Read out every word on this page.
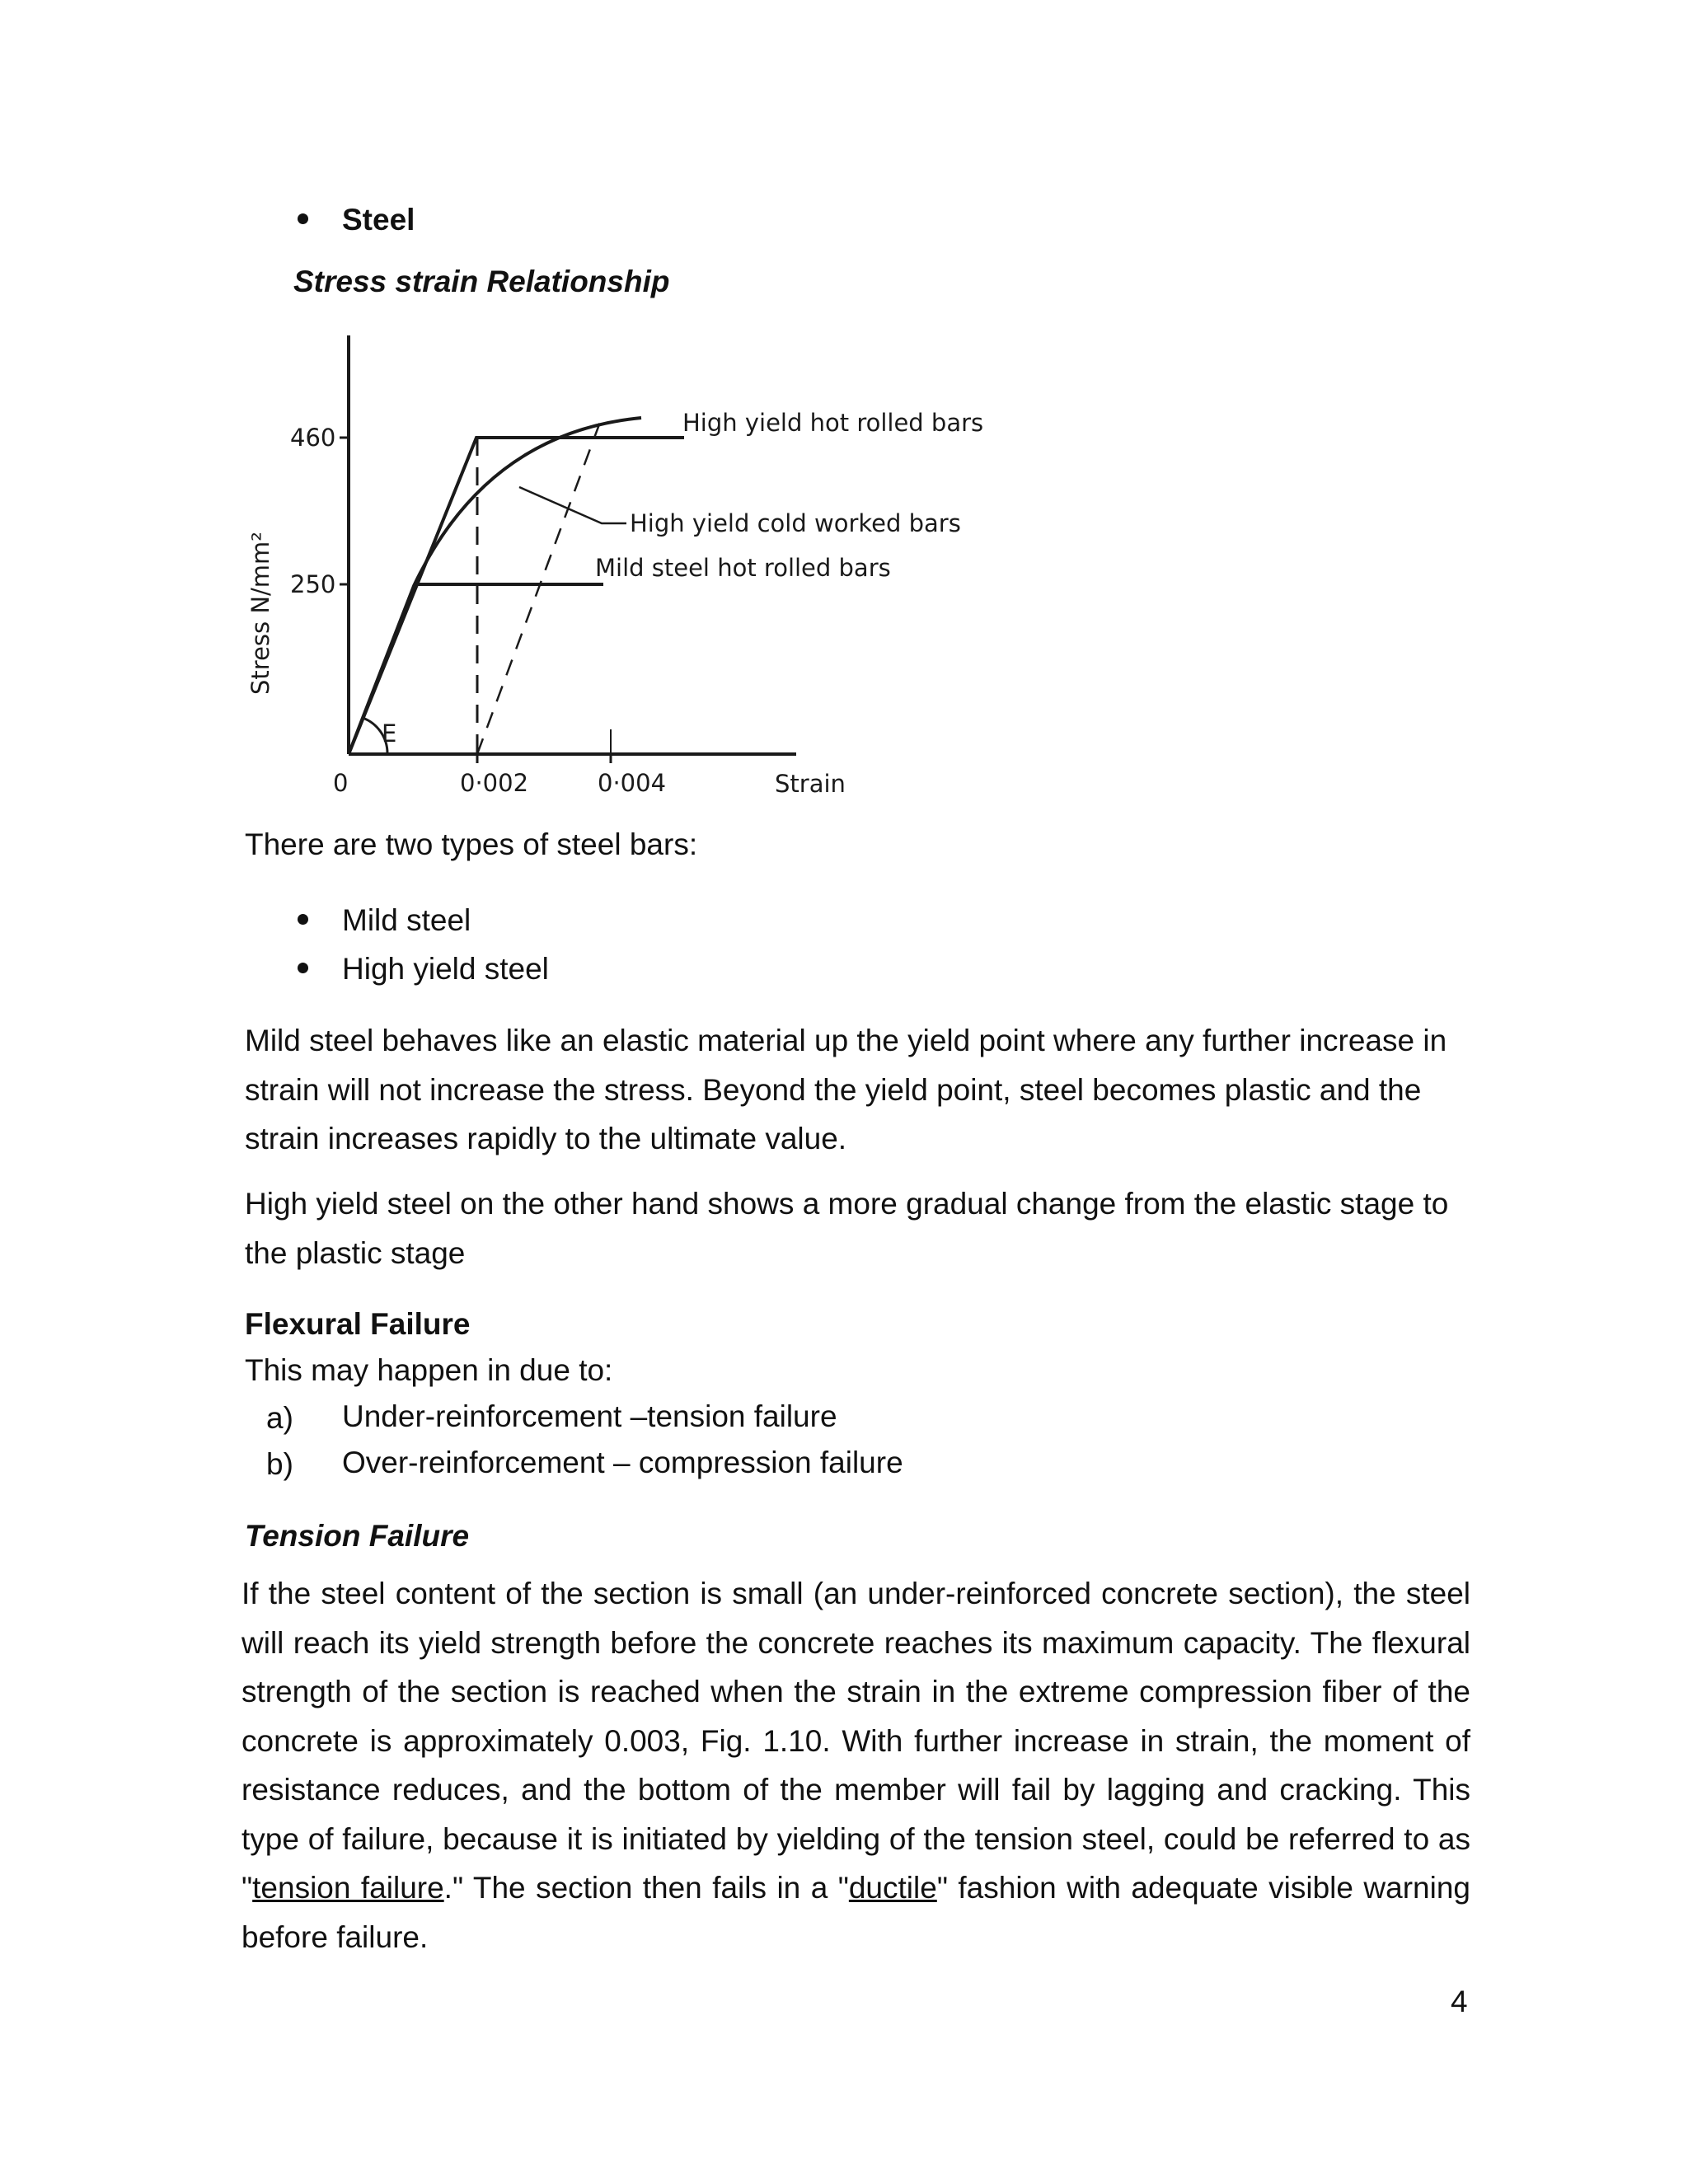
Steel
Stress strain Relationship
460
250
0	0·002	0·004	Strain
Stress N/mm²
E
High yield hot rolled bars
High yield cold worked bars
Mild steel hot rolled bars
There are two types of steel bars:
Mild steel
High yield steel
Mild steel behaves like an elastic material up the yield point where any further increase in strain will not increase the stress. Beyond the yield point, steel becomes plastic and the strain increases rapidly to the ultimate value.
High yield steel on the other hand shows a more gradual change from the elastic stage to the plastic stage
Flexural Failure
This may happen in due to:
a) Under-reinforcement –tension failure
b) Over-reinforcement – compression failure
Tension Failure
If the steel content of the section is small (an under-reinforced concrete section), the steel will reach its yield strength before the concrete reaches its maximum capacity. The flexural strength of the section is reached when the strain in the extreme compression fiber of the concrete is approximately 0.003, Fig. 1.10. With further increase in strain, the moment of resistance reduces, and the bottom of the member will fail by lagging and cracking. This type of failure, because it is initiated by yielding of the tension steel, could be referred to as "tension failure." The section then fails in a "ductile" fashion with adequate visible warning before failure.
4
